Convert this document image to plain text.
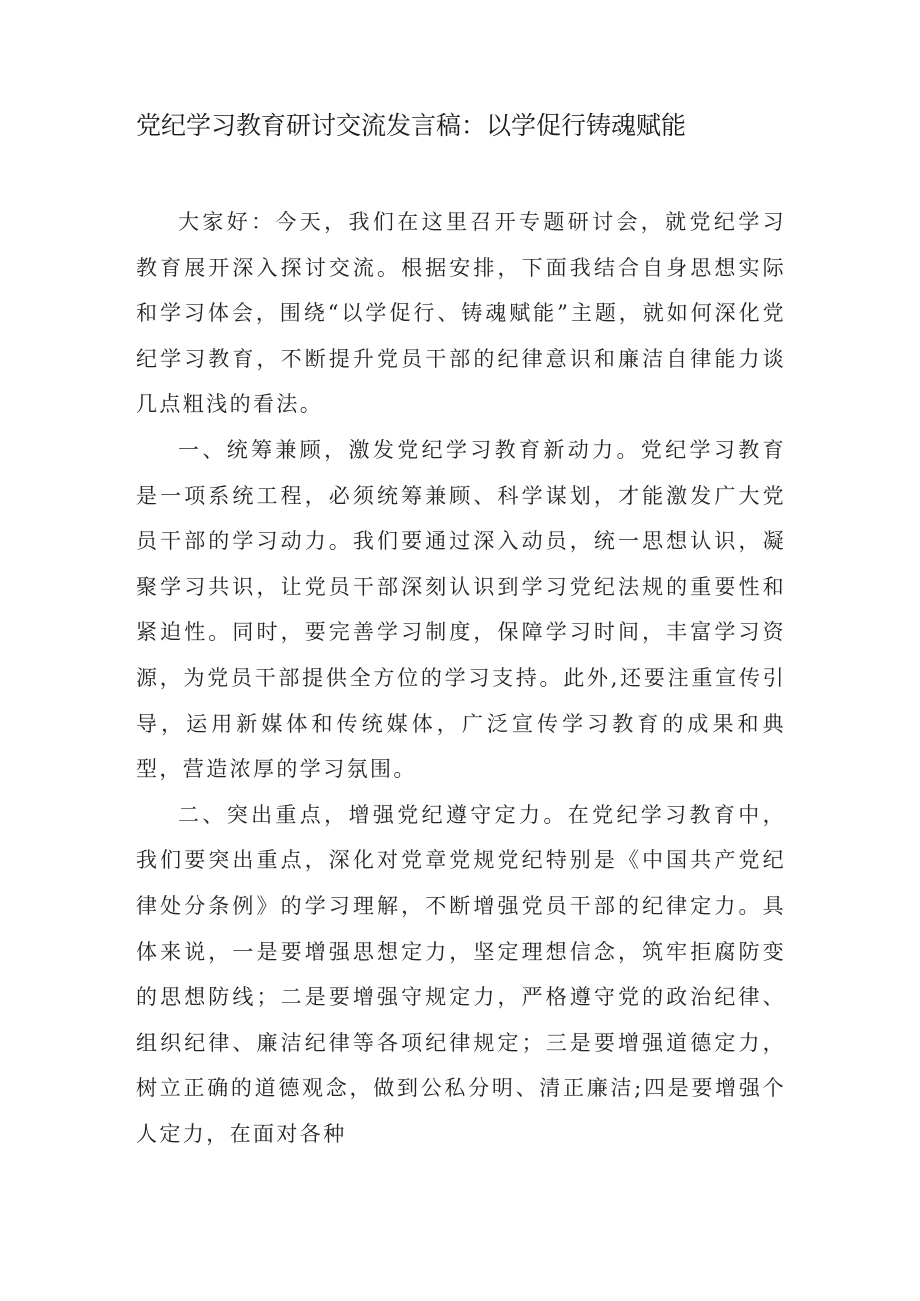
党纪学习教育研讨交流发言稿：以学促行铸魂赋能

大家好：今天，我们在这里召开专题研讨会，就党纪学习教育展开深入探讨交流。根据安排，下面我结合自身思想实际和学习体会，围绕“以学促行、铸魂赋能”主题，就如何深化党纪学习教育，不断提升党员干部的纪律意识和廉洁自律能力谈几点粗浅的看法。

一、统筹兼顾，激发党纪学习教育新动力。党纪学习教育是一项系统工程，必须统筹兼顾、科学谋划，才能激发广大党员干部的学习动力。我们要通过深入动员，统一思想认识，凝聚学习共识，让党员干部深刻认识到学习党纪法规的重要性和紧迫性。同时，要完善学习制度，保障学习时间，丰富学习资源，为党员干部提供全方位的学习支持。此外,还要注重宣传引导，运用新媒体和传统媒体，广泛宣传学习教育的成果和典型，营造浓厚的学习氛围。

二、突出重点，增强党纪遵守定力。在党纪学习教育中，我们要突出重点，深化对党章党规党纪特别是《中国共产党纪律处分条例》的学习理解，不断增强党员干部的纪律定力。具体来说，一是要增强思想定力，坚定理想信念，筑牢拒腐防变的思想防线；二是要增强守规定力，严格遵守党的政治纪律、组织纪律、廉洁纪律等各项纪律规定；三是要增强道德定力，树立正确的道德观念，做到公私分明、清正廉洁;四是要增强个人定力，在面对各种
